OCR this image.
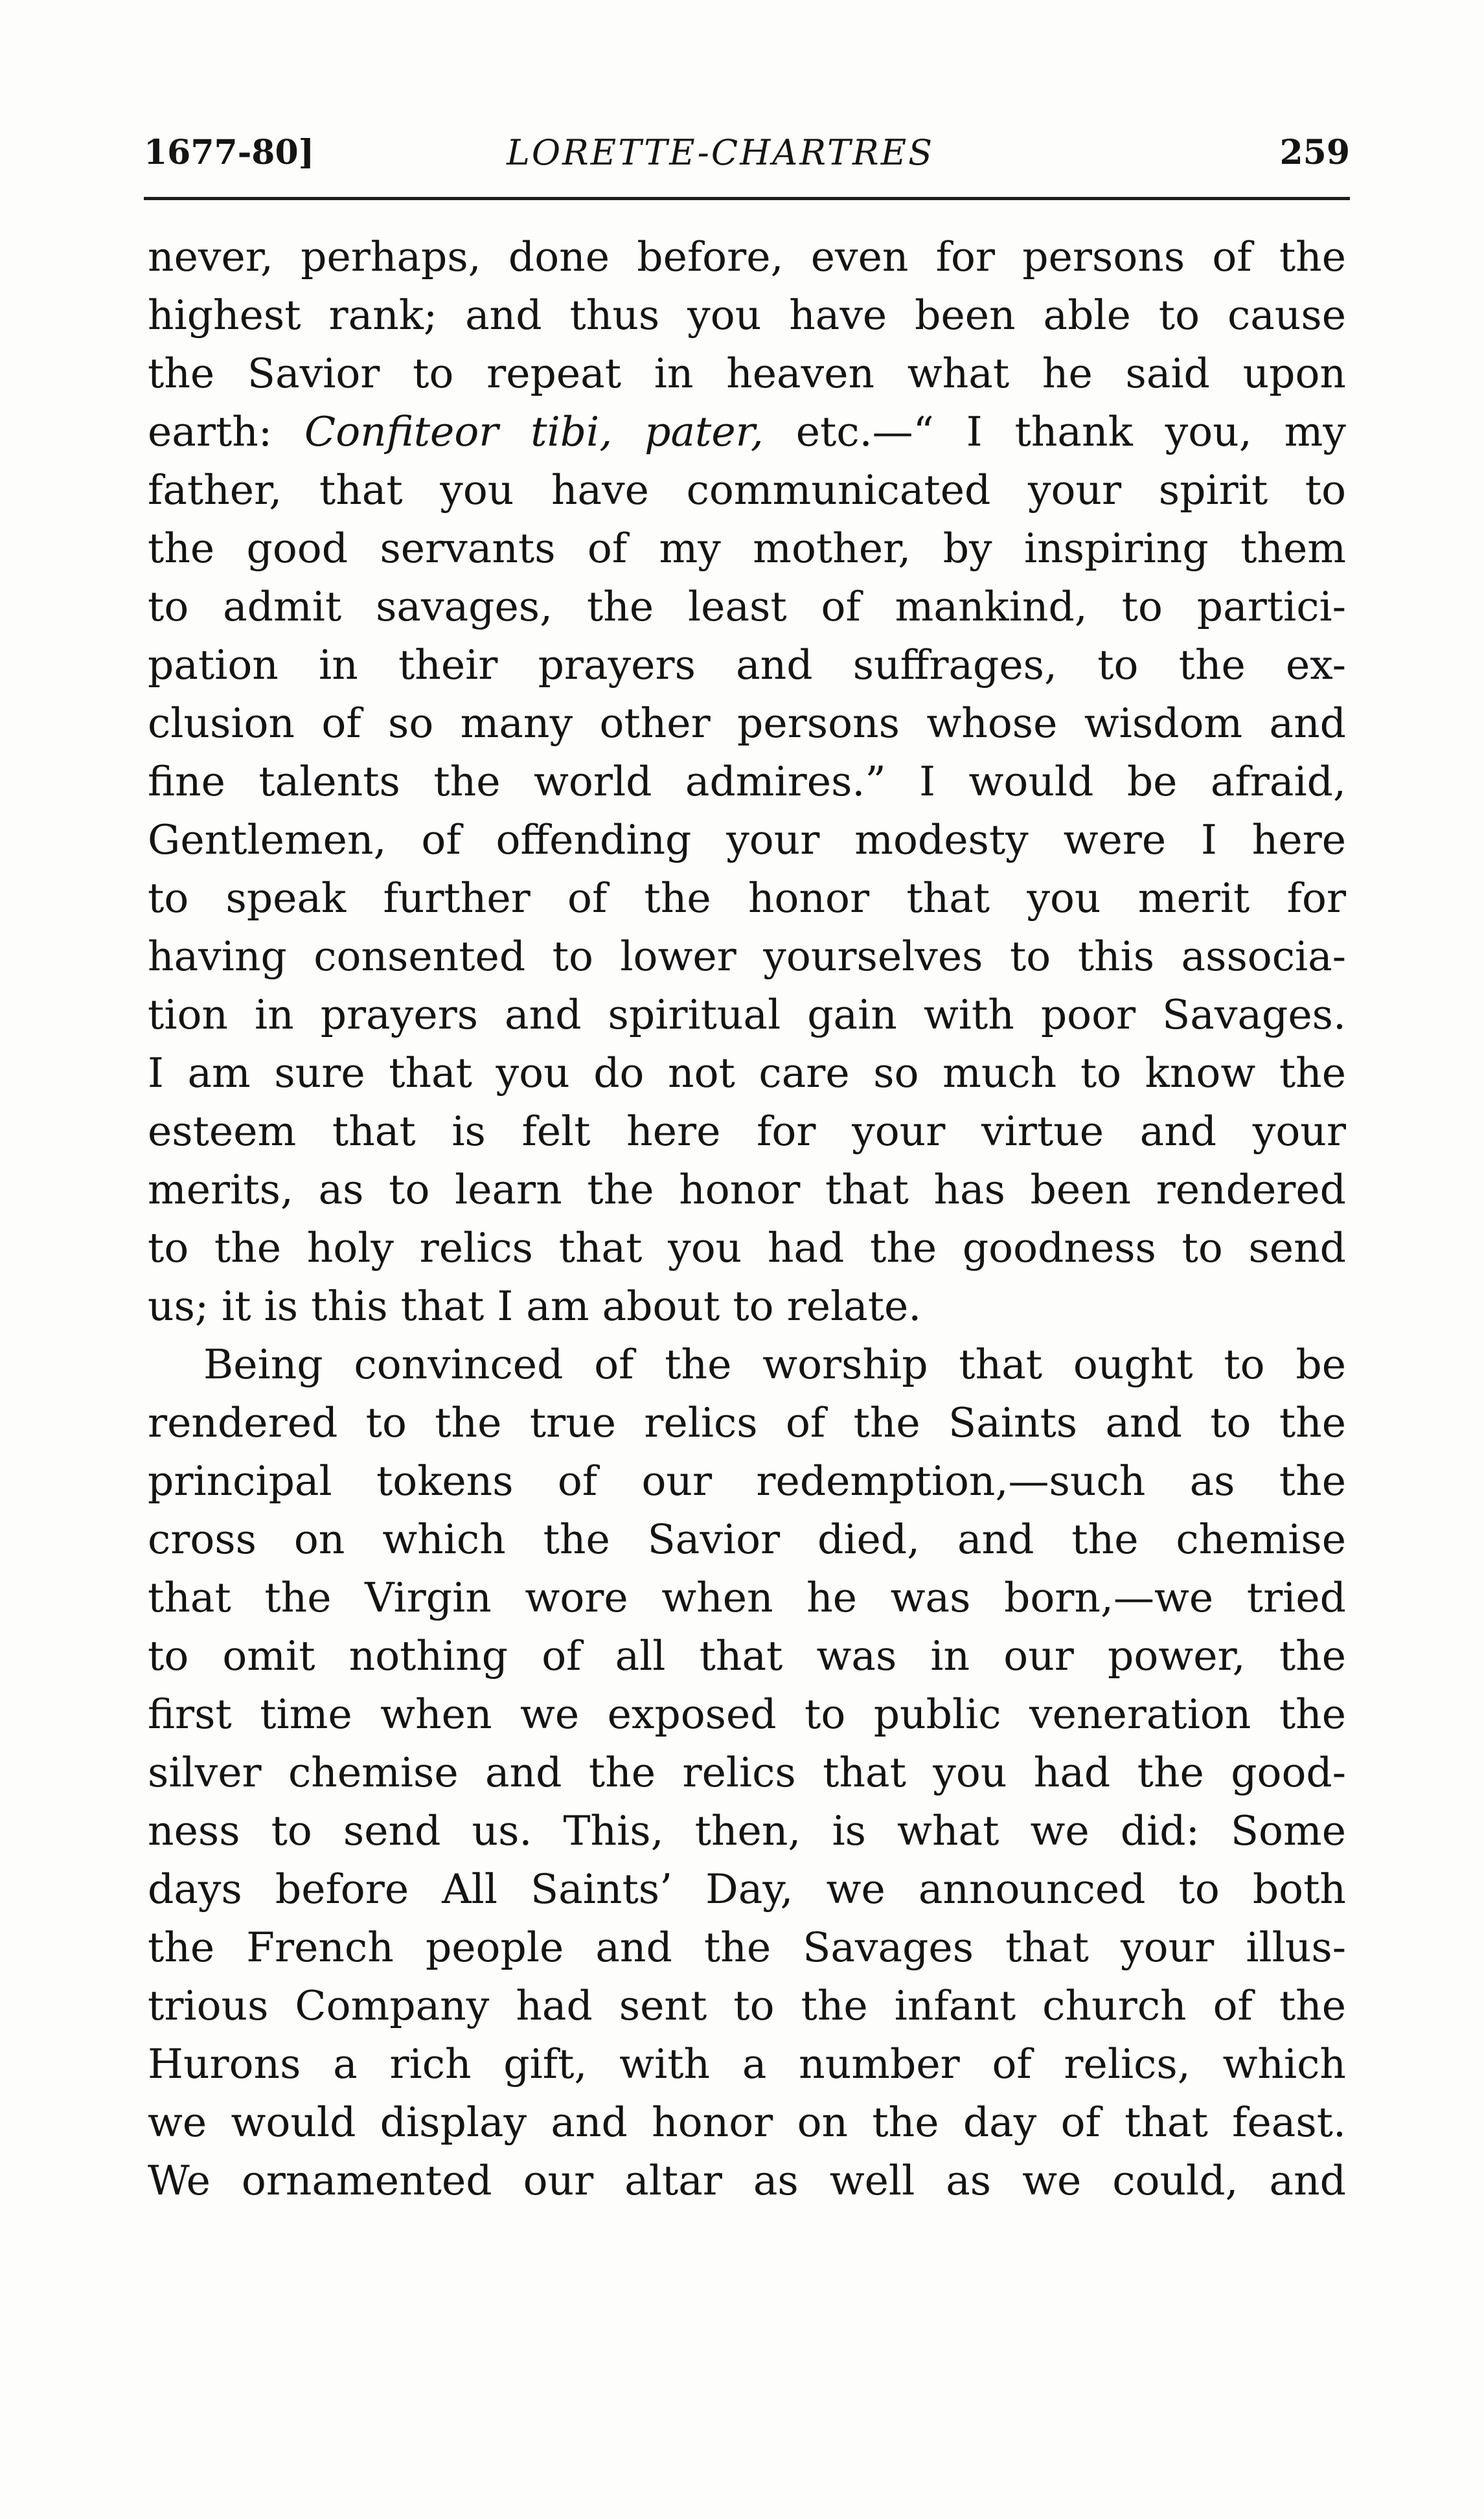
1677-80]	LORETTE-CHARTRES	259
never, perhaps, done before, even for persons of the
highest rank; and thus you have been able to cause
the Savior to repeat in heaven what he said upon
earth: Confiteor tibi, pater, etc.—“ I thank you, my
father, that you have communicated your spirit to
the good servants of my mother, by inspiring them
to admit savages, the least of mankind, to partici-
pation in their prayers and suffrages, to the ex-
clusion of so many other persons whose wisdom and
fine talents the world admires.” I would be afraid,
Gentlemen, of offending your modesty were I here
to speak further of the honor that you merit for
having consented to lower yourselves to this associa-
tion in prayers and spiritual gain with poor Savages.
I am sure that you do not care so much to know the
esteem that is felt here for your virtue and your
merits, as to learn the honor that has been rendered
to the holy relics that you had the goodness to send
us; it is this that I am about to relate.
Being convinced of the worship that ought to be
rendered to the true relics of the Saints and to the
principal tokens of our redemption,—such as the
cross on which the Savior died, and the chemise
that the Virgin wore when he was born,—we tried
to omit nothing of all that was in our power, the
first time when we exposed to public veneration the
silver chemise and the relics that you had the good-
ness to send us. This, then, is what we did: Some
days before All Saints’ Day, we announced to both
the French people and the Savages that your illus-
trious Company had sent to the infant church of the
Hurons a rich gift, with a number of relics, which
we would display and honor on the day of that feast.
We ornamented our altar as well as we could, and
